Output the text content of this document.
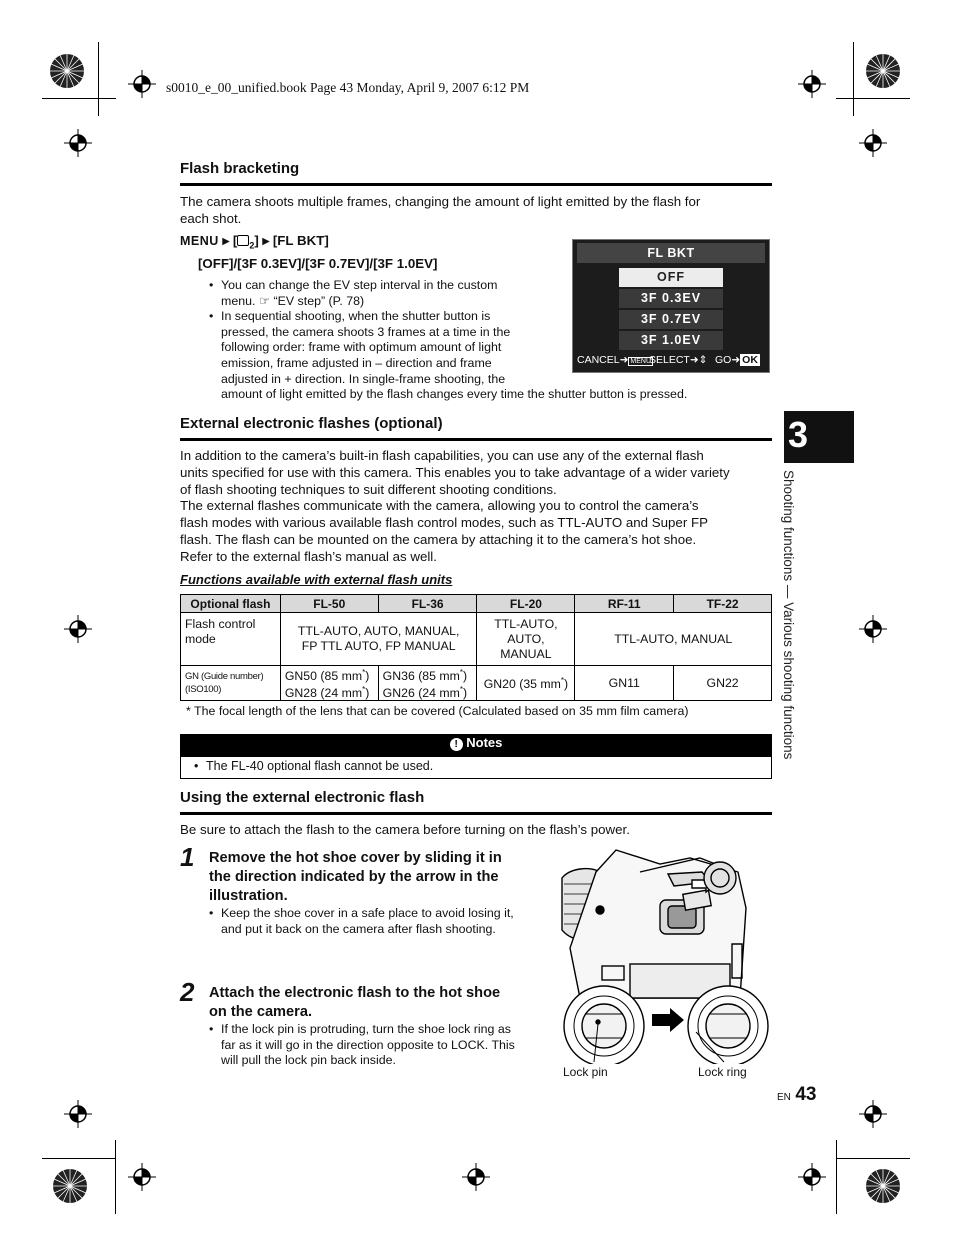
s0010_e_00_unified.book Page 43 Monday, April 9, 2007 6:12 PM
Flash bracketing
The camera shoots multiple frames, changing the amount of light emitted by the flash for
each shot.
MENU ▸ [ $_2$] ▸ [FL BKT]
[OFF]/[3F 0.3EV]/[3F 0.7EV]/[3F 1.0EV]
• You can change the EV step interval in the custom
menu. ☞ “EV step” (P. 78)
• In sequential shooting, when the shutter button is
pressed, the camera shoots 3 frames at a time in the
following order: frame with optimum amount of light
emission, frame adjusted in – direction and frame
adjusted in + direction. In single-frame shooting, the
amount of light emitted by the flash changes every time the shutter button is pressed.
FL BKT
OFF
3F 0.3EV
3F 0.7EV
3F 1.0EV
CANCEL➜ MENU
SELECT➜⇕ GO➜ OK
External electronic flashes (optional)
In addition to the camera’s built-in flash capabilities, you can use any of the external flash
units specified for use with this camera. This enables you to take advantage of a wider variety
of flash shooting techniques to suit different shooting conditions.
The external flashes communicate with the camera, allowing you to control the camera’s
flash modes with various available flash control modes, such as TTL-AUTO and Super FP
flash. The flash can be mounted on the camera by attaching it to the camera’s hot shoe.
Refer to the external flash’s manual as well.
Functions available with external flash units
Optional flash	FL-50	FL-36	FL-20	RF-11	TF-22
Flash control
mode	TTL-AUTO, AUTO, MANUAL,
FP TTL AUTO, FP MANUAL		TTL-AUTO,
AUTO,
MANUAL	TTL-AUTO, MANUAL	
GN (Guide number)
(ISO100)	GN50 (85 mm*)
GN28 (24 mm*)	GN36 (85 mm*)
GN26 (24 mm*)	GN20 (35 mm*)	GN11	GN22
* The focal length of the lens that can be covered (Calculated based on 35 mm film camera)
! Notes
• The FL-40 optional flash cannot be used.
Using the external electronic flash
Be sure to attach the flash to the camera before turning on the flash’s power.
1 Remove the hot shoe cover by sliding it in
the direction indicated by the arrow in the
illustration.
• Keep the shoe cover in a safe place to avoid losing it,
and put it back on the camera after flash shooting.
2 Attach the electronic flash to the hot shoe
on the camera.
• If the lock pin is protruding, turn the shoe lock ring as
far as it will go in the direction opposite to LOCK. This
will pull the lock pin back inside.
Lock pin	Lock ring
3
Shooting functions — Various shooting functions
EN 43
